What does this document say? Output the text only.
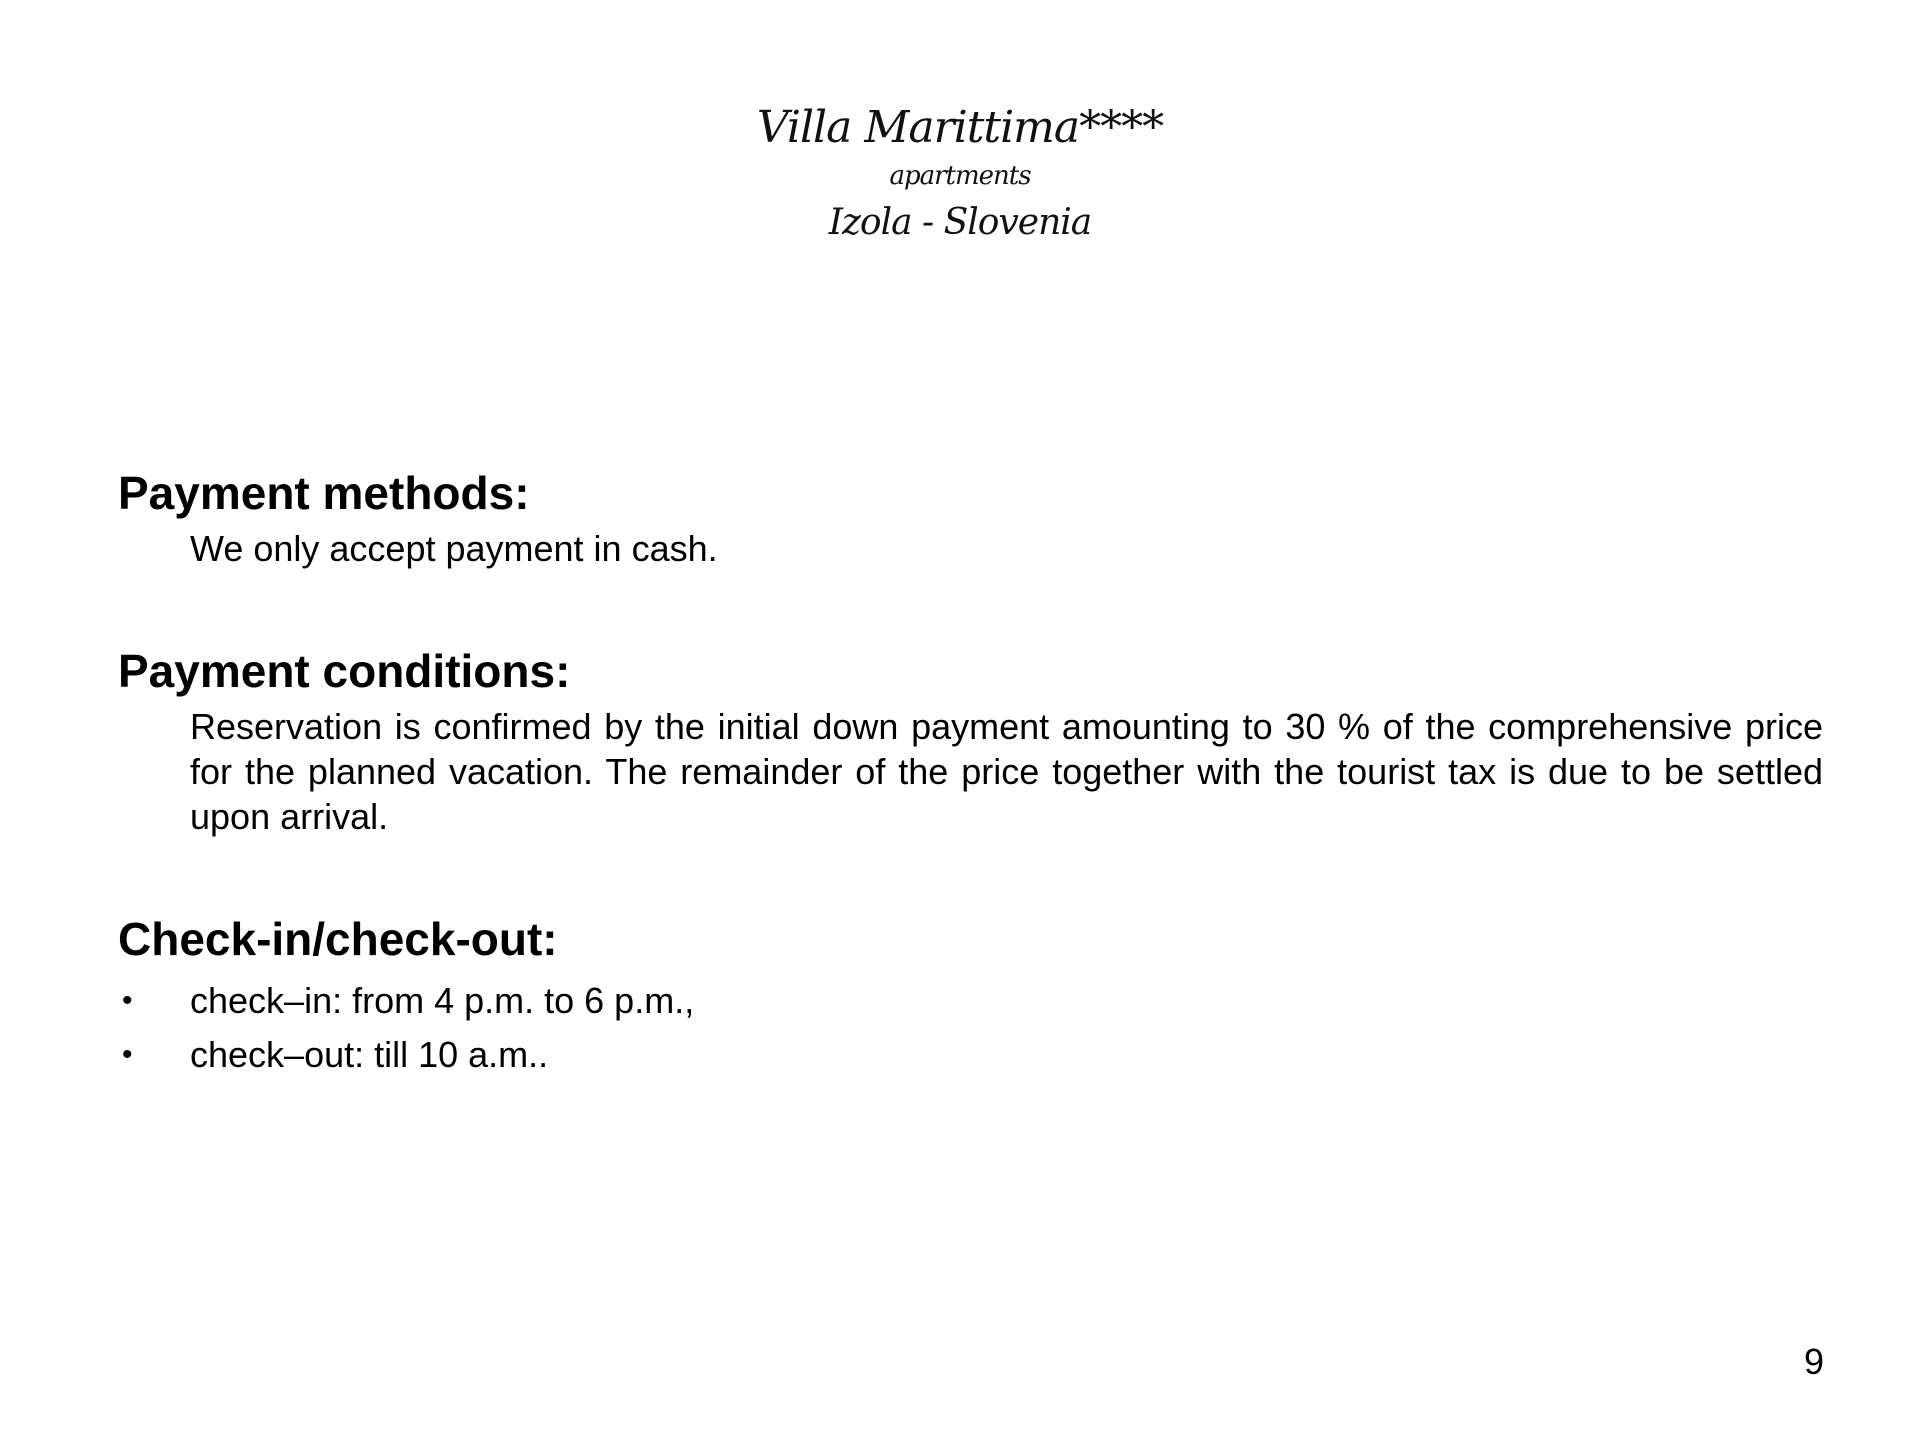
Villa Marittima****
apartments
Izola - Slovenia
Payment methods:

We only accept payment in cash.

Payment conditions:

Reservation is confirmed by the initial down payment amounting to 30 % of the comprehensive price for the planned vacation. The remainder of the price together with the tourist tax is due to be settled upon arrival.

Check-in/check-out:
• check–in: from 4 p.m. to 6 p.m.,
• check–out: till 10 a.m..
9
